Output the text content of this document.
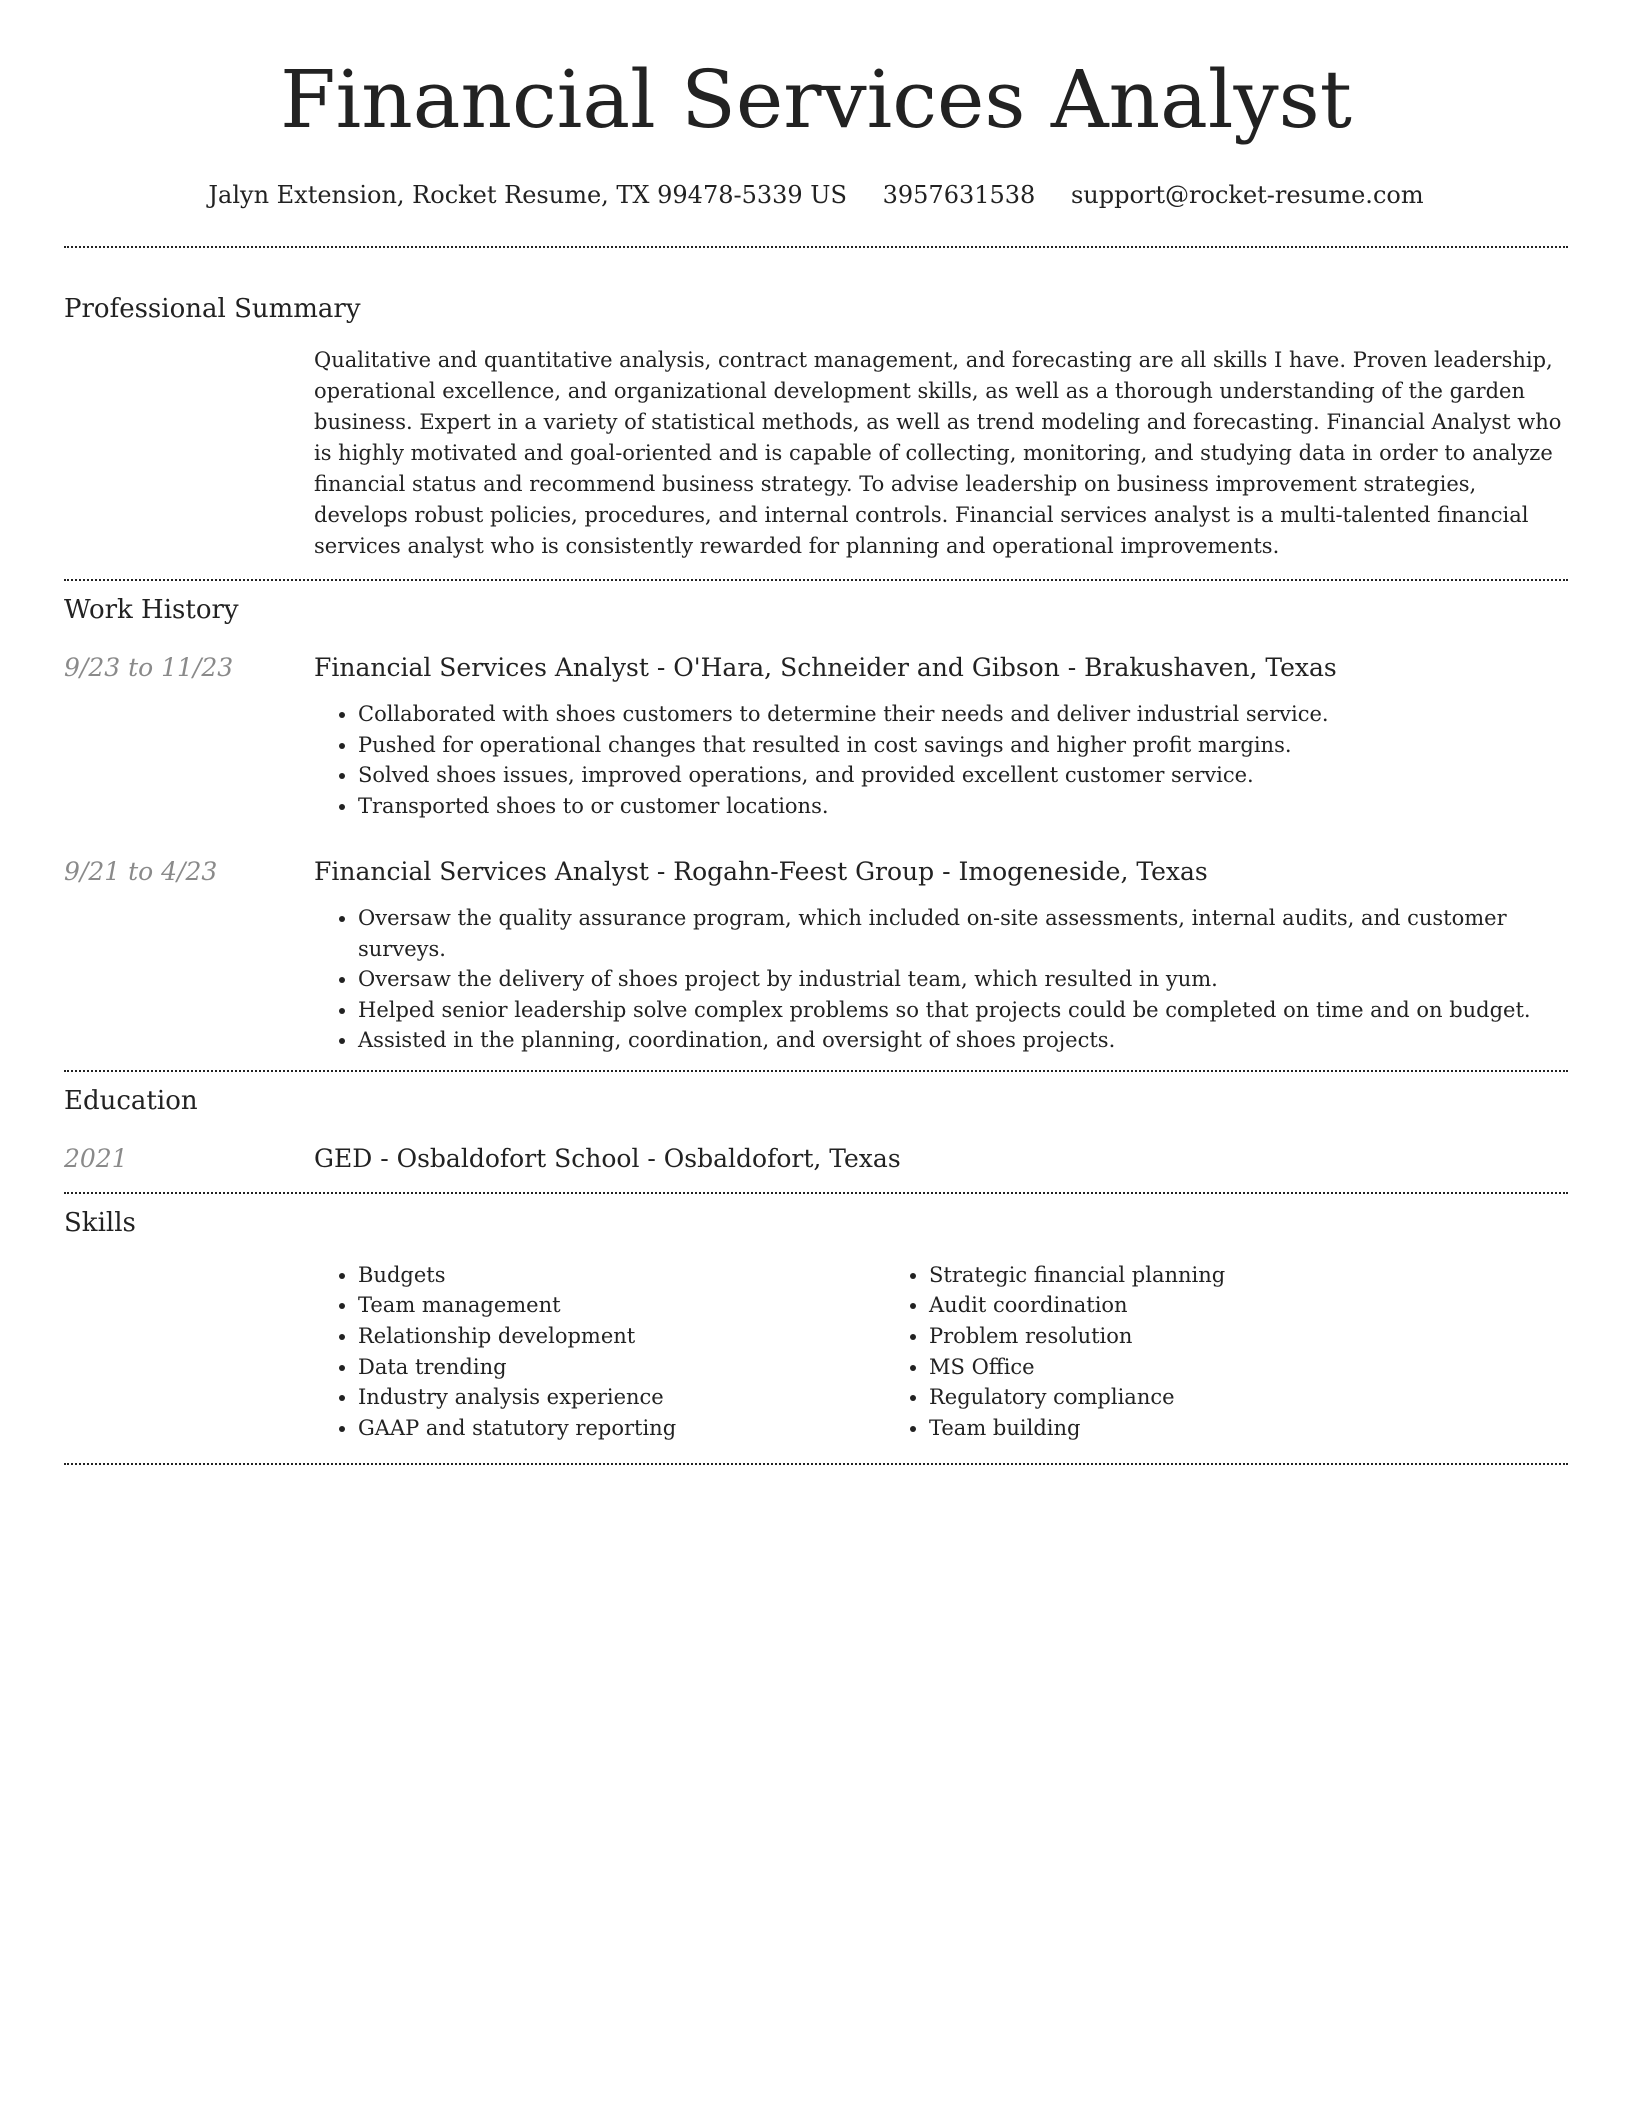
Financial Services Analyst
Jalyn Extension, Rocket Resume, TX 99478-5339 US 3957631538 support@rocket-resume.com
Professional Summary

Qualitative and quantitative analysis, contract management, and forecasting are all skills I have. Proven leadership, operational excellence, and organizational development skills, as well as a thorough understanding of the garden business. Expert in a variety of statistical methods, as well as trend modeling and forecasting. Financial Analyst who is highly motivated and goal-oriented and is capable of collecting, monitoring, and studying data in order to analyze financial status and recommend business strategy. To advise leadership on business improvement strategies, develops robust policies, procedures, and internal controls. Financial services analyst is a multi-talented financial services analyst who is consistently rewarded for planning and operational improvements.

Work History
9/23 to 11/23	Financial Services Analyst - O'Hara, Schneider and Gibson - Brakushaven, Texas
• Collaborated with shoes customers to determine their needs and deliver industrial service.
• Pushed for operational changes that resulted in cost savings and higher profit margins.
• Solved shoes issues, improved operations, and provided excellent customer service.
• Transported shoes to or customer locations.
9/21 to 4/23	Financial Services Analyst - Rogahn-Feest Group - Imogeneside, Texas
• Oversaw the quality assurance program, which included on-site assessments, internal audits, and customer surveys.
• Oversaw the delivery of shoes project by industrial team, which resulted in yum.
• Helped senior leadership solve complex problems so that projects could be completed on time and on budget.
• Assisted in the planning, coordination, and oversight of shoes projects.
Education
2021	GED - Osbaldofort School - Osbaldofort, Texas
Skills
• Budgets
• Team management
• Relationship development
• Data trending
• Industry analysis experience
• GAAP and statutory reporting
• Strategic financial planning
• Audit coordination
• Problem resolution
• MS Office
• Regulatory compliance
• Team building
